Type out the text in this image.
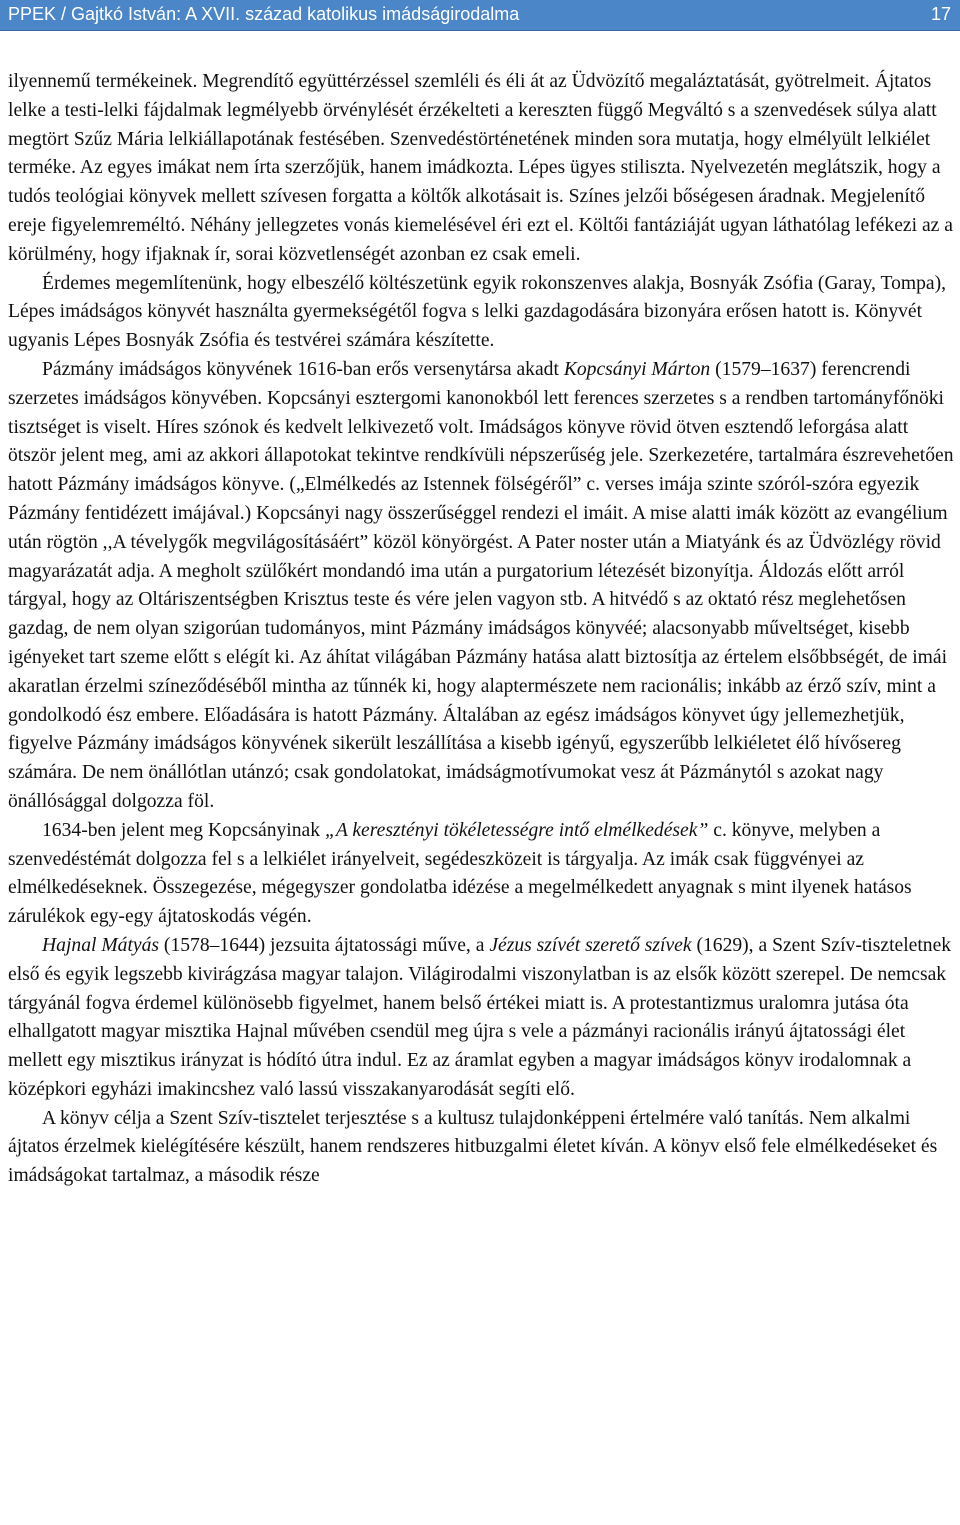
PPEK / Gajtkó István: A XVII. század katolikus imádságirodalma	17

ilyennemű termékeinek. Megrendítő együttérzéssel szemléli és éli át az Üdvözítő megaláztatását, gyötrelmeit. Ájtatos lelke a testi-lelki fájdalmak legmélyebb örvénylését érzékelteti a kereszten függő Megváltó s a szenvedések súlya alatt megtört Szűz Mária lelkiállapotának festésében. Szenvedéstörténetének minden sora mutatja, hogy elmélyült lelkiélet terméke. Az egyes imákat nem írta szerzőjük, hanem imádkozta. Lépes ügyes stiliszta. Nyelvezetén meglátszik, hogy a tudós teológiai könyvek mellett szívesen forgatta a költők alkotásait is. Színes jelzői bőségesen áradnak. Megjelenítő ereje figyelemreméltó. Néhány jellegzetes vonás kiemelésével éri ezt el. Költői fantáziáját ugyan láthatólag lefékezi az a körülmény, hogy ifjaknak ír, sorai közvetlenségét azonban ez csak emeli.

Érdemes megemlítenünk, hogy elbeszélő költészetünk egyik rokonszenves alakja, Bosnyák Zsófia (Garay, Tompa), Lépes imádságos könyvét használta gyermekségétől fogva s lelki gazdagodására bizonyára erősen hatott is. Könyvét ugyanis Lépes Bosnyák Zsófia és testvérei számára készítette.

Pázmány imádságos könyvének 1616-ban erős versenytársa akadt Kopcsányi Márton (1579–1637) ferencrendi szerzetes imádságos könyvében. Kopcsányi esztergomi kanonokból lett ferences szerzetes s a rendben tartományfőnöki tisztséget is viselt. Híres szónok és kedvelt lelkivezető volt. Imádságos könyve rövid ötven esztendő leforgása alatt ötször jelent meg, ami az akkori állapotokat tekintve rendkívüli népszerűség jele. Szerkezetére, tartalmára észrevehetően hatott Pázmány imádságos könyve. („Elmélkedés az Istennek fölségéről” c. verses imája szinte szóról-szóra egyezik Pázmány fentidézett imájával.) Kopcsányi nagy összerűséggel rendezi el imáit. A mise alatti imák között az evangélium után rögtön ,,A tévelygők megvilágosításáért” közöl könyörgést. A Pater noster után a Miatyánk és az Üdvözlégy rövid magyarázatát adja. A megholt szülőkért mondandó ima után a purgatorium létezését bizonyítja. Áldozás előtt arról tárgyal, hogy az Oltáriszentségben Krisztus teste és vére jelen vagyon stb. A hitvédő s az oktató rész meglehetősen gazdag, de nem olyan szigorúan tudományos, mint Pázmány imádságos könyvéé; alacsonyabb műveltséget, kisebb igényeket tart szeme előtt s elégít ki. Az áhítat világában Pázmány hatása alatt biztosítja az értelem elsőbbségét, de imái akaratlan érzelmi színeződéséből mintha az tűnnék ki, hogy alaptermészete nem racionális; inkább az érző szív, mint a gondolkodó ész embere. Előadására is hatott Pázmány. Általában az egész imádságos könyvet úgy jellemezhetjük, figyelve Pázmány imádságos könyvének sikerült leszállítása a kisebb igényű, egyszerűbb lelkiéletet élő hívősereg számára. De nem önállótlan utánzó; csak gondolatokat, imádságmotívumokat vesz át Pázmánytól s azokat nagy önállósággal dolgozza föl.

1634-ben jelent meg Kopcsányinak „A keresztényi tökéletességre intő elmélkedések” c. könyve, melyben a szenvedéstémát dolgozza fel s a lelkiélet irányelveit, segédeszközeit is tárgyalja. Az imák csak függvényei az elmélkedéseknek. Összegezése, mégegyszer gondolatba idézése a megelmélkedett anyagnak s mint ilyenek hatásos zárulékok egy-egy ájtatoskodás végén.

Hajnal Mátyás (1578–1644) jezsuita ájtatossági műve, a Jézus szívét szerető szívek (1629), a Szent Szív-tiszteletnek első és egyik legszebb kivirágzása magyar talajon. Világirodalmi viszonylatban is az elsők között szerepel. De nemcsak tárgyánál fogva érdemel különösebb figyelmet, hanem belső értékei miatt is. A protestantizmus uralomra jutása óta elhallgatott magyar misztika Hajnal művében csendül meg újra s vele a pázmányi racionális irányú ájtatossági élet mellett egy misztikus irányzat is hódító útra indul. Ez az áramlat egyben a magyar imádságos könyv irodalomnak a középkori egyházi imakincshez való lassú visszakanyarodását segíti elő.

A könyv célja a Szent Szív-tisztelet terjesztése s a kultusz tulajdonképpeni értelmére való tanítás. Nem alkalmi ájtatos érzelmek kielégítésére készült, hanem rendszeres hitbuzgalmi életet kíván. A könyv első fele elmélkedéseket és imádságokat tartalmaz, a második része
